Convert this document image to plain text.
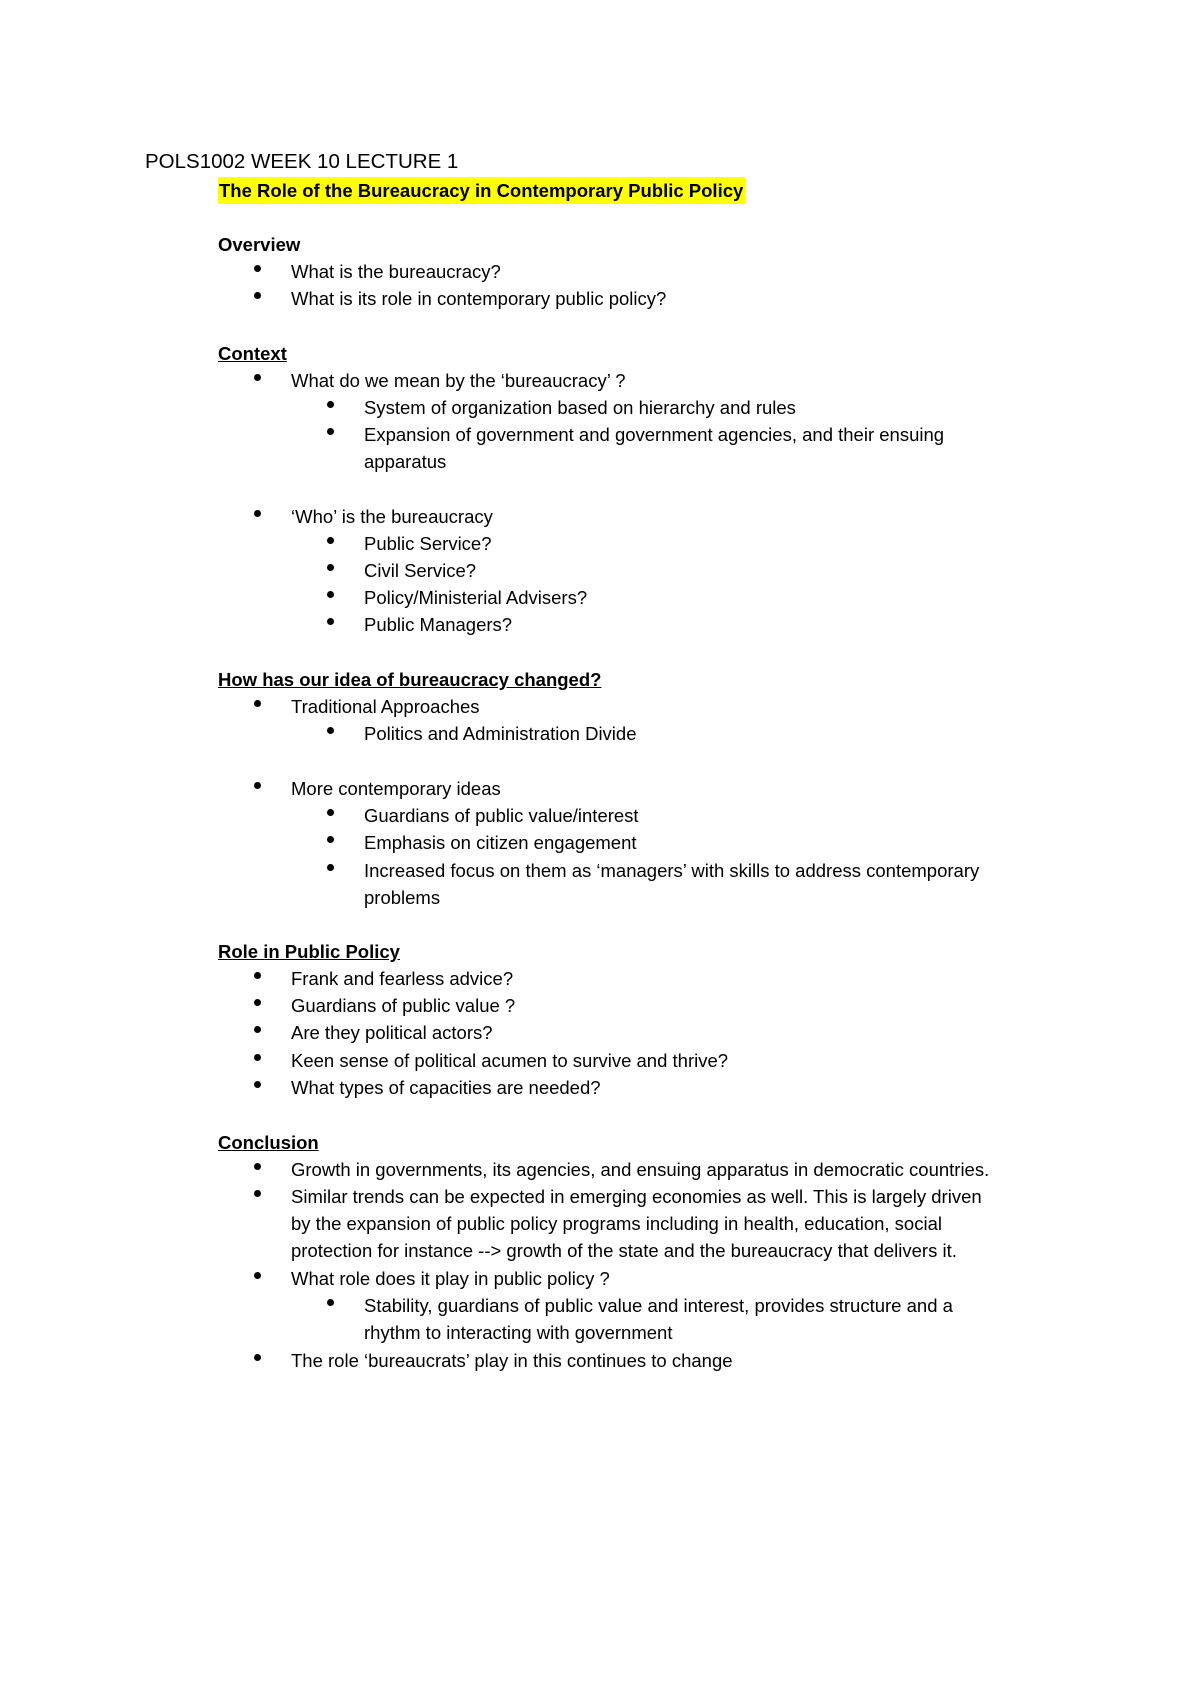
POLS1002 WEEK 10 LECTURE 1
The Role of the Bureaucracy in Contemporary Public Policy
Overview
What is the bureaucracy?
What is its role in contemporary public policy?
Context
What do we mean by the ‘bureaucracy’ ?
System of organization based on hierarchy and rules
Expansion of government and government agencies, and their ensuing
apparatus
‘Who’ is the bureaucracy
Public Service?
Civil Service?
Policy/Ministerial Advisers?
Public Managers?
How has our idea of bureaucracy changed?
Traditional Approaches
Politics and Administration Divide
More contemporary ideas
Guardians of public value/interest
Emphasis on citizen engagement
Increased focus on them as ‘managers’ with skills to address contemporary
problems
Role in Public Policy
Frank and fearless advice?
Guardians of public value ?
Are they political actors?
Keen sense of political acumen to survive and thrive?
What types of capacities are needed?
Conclusion
Growth in governments, its agencies, and ensuing apparatus in democratic countries.
Similar trends can be expected in emerging economies as well. This is largely driven
by the expansion of public policy programs including in health, education, social
protection for instance --> growth of the state and the bureaucracy that delivers it.
What role does it play in public policy ?
Stability, guardians of public value and interest, provides structure and a
rhythm to interacting with government
The role ‘bureaucrats’ play in this continues to change
